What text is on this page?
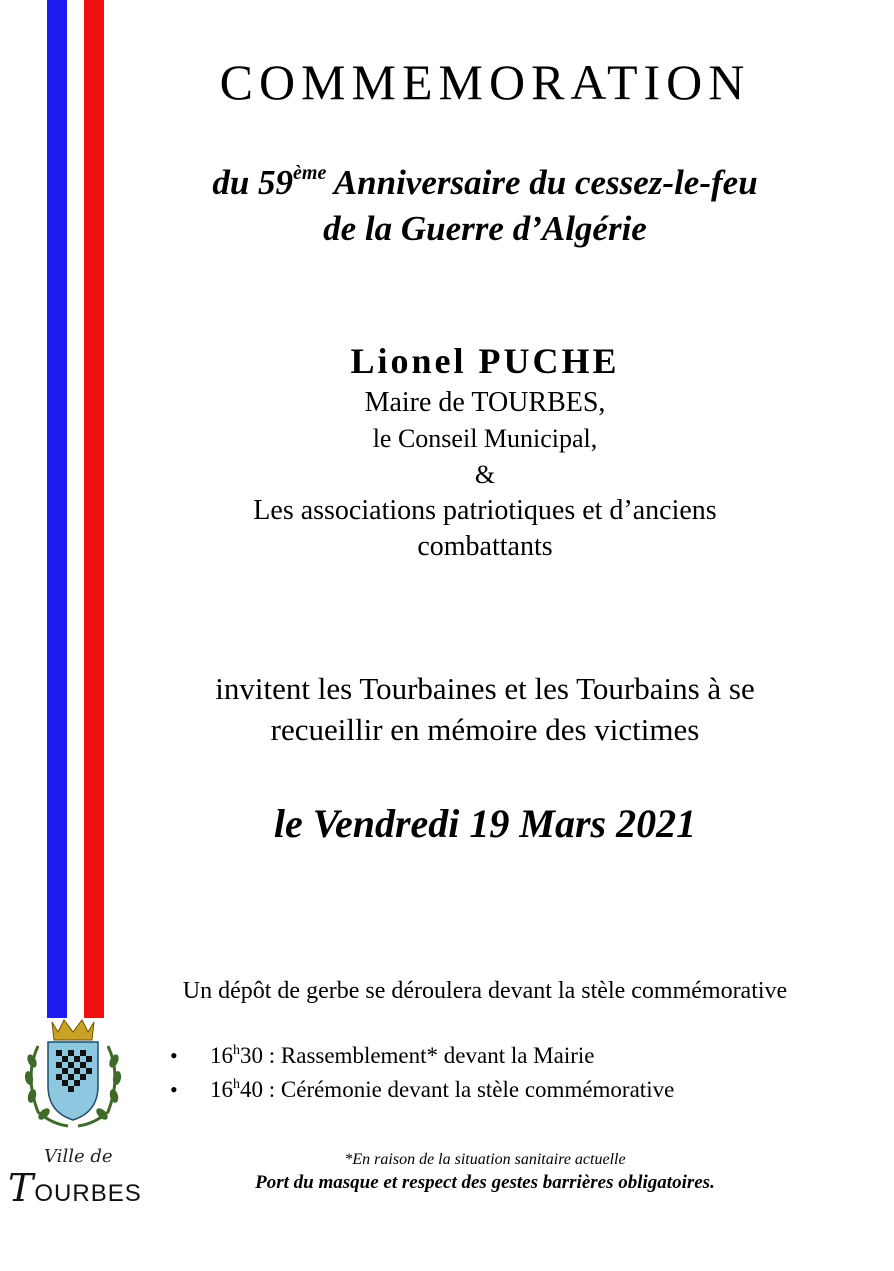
COMMEMORATION
du 59ème Anniversaire du cessez-le-feu
de la Guerre d’Algérie
Lionel PUCHE
Maire de TOURBES,
le Conseil Municipal,
&
Les associations patriotiques et d’anciens
combattants
invitent les Tourbaines et les Tourbains à se
recueillir en mémoire des victimes
le Vendredi 19 Mars 2021
Un dépôt de gerbe se déroulera devant la stèle commémorative
• 16$^h$30 : Rassemblement* devant la Mairie
• 16$^h$40 : Cérémonie devant la stèle commémorative
*En raison de la situation sanitaire actuelle
Port du masque et respect des gestes barrières obligatoires.
Ville de
TOURBES
